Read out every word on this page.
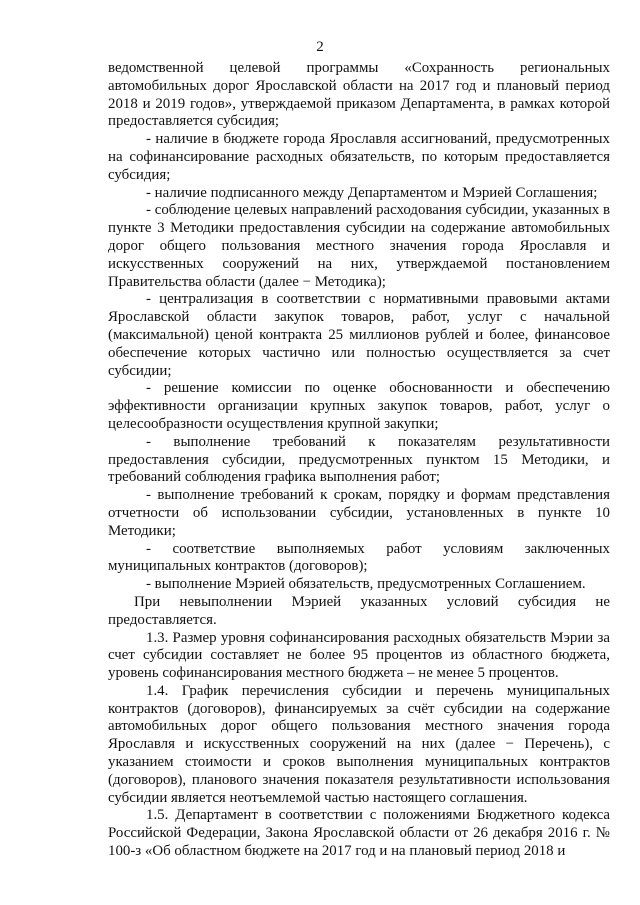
2

ведомственной целевой программы «Сохранность региональных автомобильных дорог Ярославской области на 2017 год и плановый период 2018 и 2019 годов», утверждаемой приказом Департамента, в рамках которой предоставляется субсидия;

- наличие в бюджете города Ярославля ассигнований, предусмотренных на софинансирование расходных обязательств, по которым предоставляется субсидия;

- наличие подписанного между Департаментом и Мэрией Соглашения;

- соблюдение целевых направлений расходования субсидии, указанных в пункте 3 Методики предоставления субсидии на содержание автомобильных дорог общего пользования местного значения города Ярославля и искусственных сооружений на них, утверждаемой постановлением Правительства области (далее − Методика);

- централизация в соответствии с нормативными правовыми актами Ярославской области закупок товаров, работ, услуг с начальной (максимальной) ценой контракта 25 миллионов рублей и более, финансовое обеспечение которых частично или полностью осуществляется за счет субсидии;

- решение комиссии по оценке обоснованности и обеспечению эффективности организации крупных закупок товаров, работ, услуг о целесообразности осуществления крупной закупки;

- выполнение требований к показателям результативности предоставления субсидии, предусмотренных пунктом 15 Методики, и требований соблюдения графика выполнения работ;

- выполнение требований к срокам, порядку и формам представления отчетности об использовании субсидии, установленных в пункте 10 Методики;

- соответствие выполняемых работ условиям заключенных муниципальных контрактов (договоров);

- выполнение Мэрией обязательств, предусмотренных Соглашением.

При невыполнении Мэрией указанных условий субсидия не предоставляется.

1.3. Размер уровня софинансирования расходных обязательств Мэрии за счет субсидии составляет не более 95 процентов из областного бюджета, уровень софинансирования местного бюджета – не менее 5 процентов.

1.4. График перечисления субсидии и перечень муниципальных контрактов (договоров), финансируемых за счёт субсидии на содержание автомобильных дорог общего пользования местного значения города Ярославля и искусственных сооружений на них (далее − Перечень), с указанием стоимости и сроков выполнения муниципальных контрактов (договоров), планового значения показателя результативности использования субсидии является неотъемлемой частью настоящего соглашения.

1.5. Департамент в соответствии с положениями Бюджетного кодекса Российской Федерации, Закона Ярославской области от 26 декабря 2016 г. № 100-з «Об областном бюджете на 2017 год и на плановый период 2018 и
